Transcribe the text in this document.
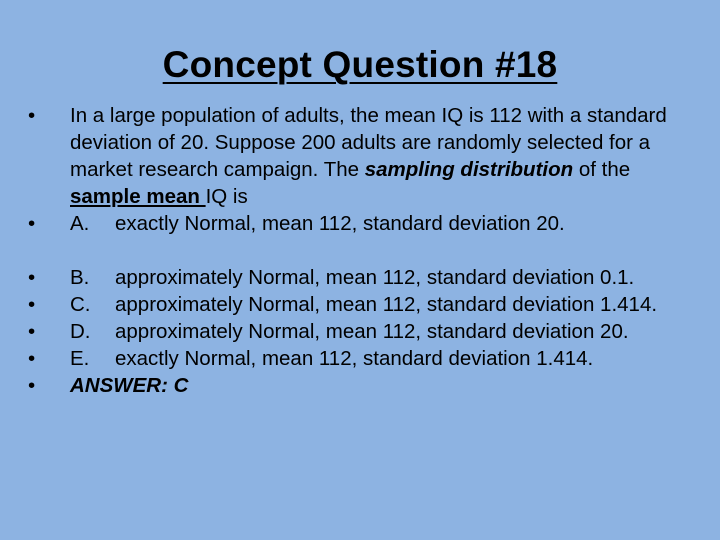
Concept Question #18
•	In a large population of adults, the mean IQ is 112 with a standard deviation of 20. Suppose 200 adults are randomly selected for a market research campaign. The sampling distribution of the sample mean IQ is
•	A. exactly Normal, mean 112, standard deviation 20.
•	B. approximately Normal, mean 112, standard deviation 0.1.
•	C. approximately Normal, mean 112, standard deviation 1.414.
•	D. approximately Normal, mean 112, standard deviation 20.
•	E. exactly Normal, mean 112, standard deviation 1.414.
•	ANSWER: C
